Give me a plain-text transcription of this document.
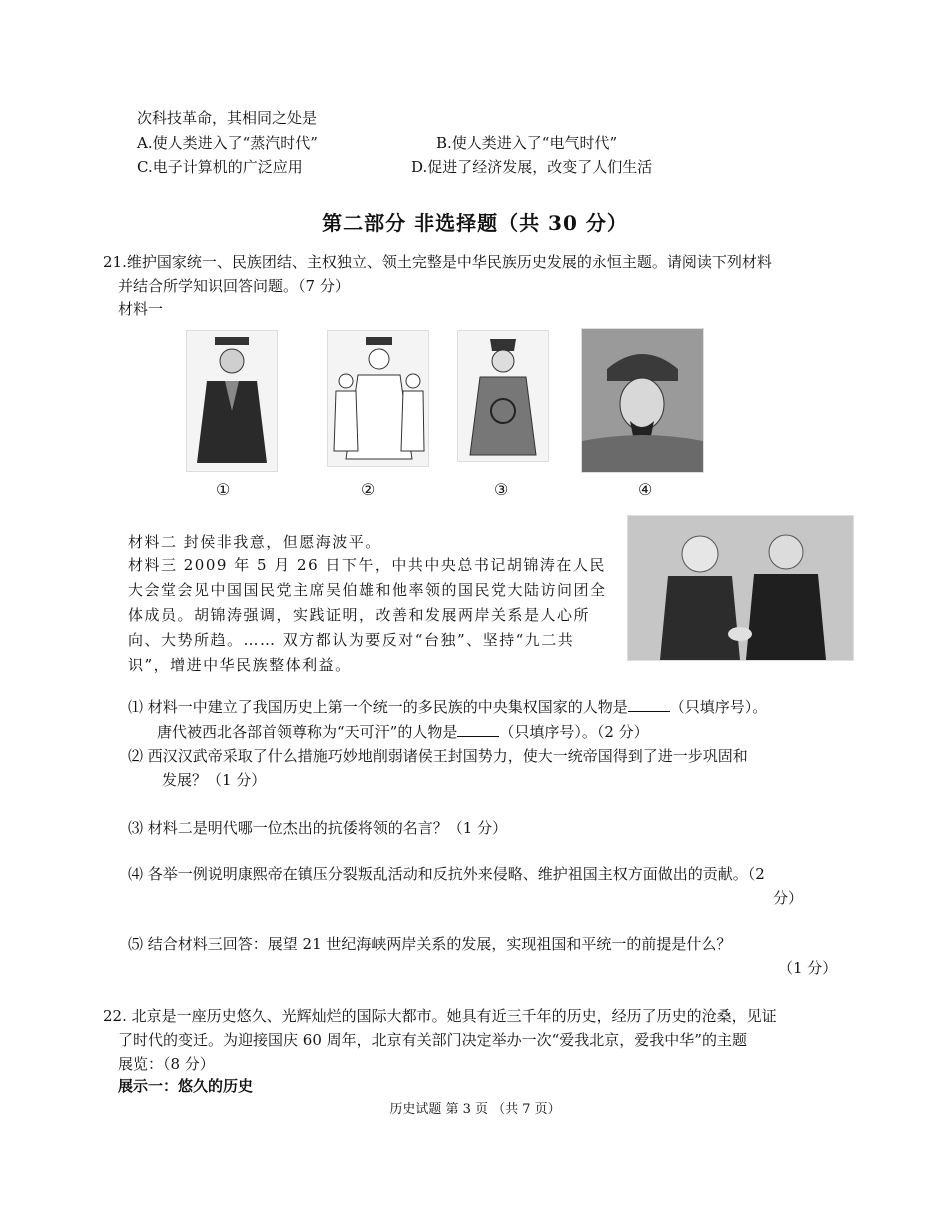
次科技革命，其相同之处是
A.使人类进入了“蒸汽时代”	B.使人类进入了“电气时代”
C.电子计算机的广泛应用	D.促进了经济发展，改变了人们生活
第二部分 非选择题（共 30 分）
21.维护国家统一、民族团结、主权独立、领土完整是中华民族历史发展的永恒主题。请阅读下列材料
并结合所学知识回答问题。（7 分）
材料一
①	②	③	④
材料二 封侯非我意，但愿海波平。
材料三 2009 年 5 月 26 日下午，中共中央总书记胡锦涛在人民大会堂会见中国国民党主席吴伯雄和他率领的国民党大陆访问团全体成员。胡锦涛强调，实践证明，改善和发展两岸关系是人心所向、大势所趋。…… 双方都认为要反对“台独”、坚持“九二共识”，增进中华民族整体利益。
⑴ 材料一中建立了我国历史上第一个统一的多民族的中央集权国家的人物是	（只填序号）。
唐代被西北各部首领尊称为“天可汗”的人物是	（只填序号）。（2 分）
⑵ 西汉汉武帝采取了什么措施巧妙地削弱诸侯王封国势力，使大一统帝国得到了进一步巩固和
发展？（1 分）
⑶ 材料二是明代哪一位杰出的抗倭将领的名言？（1 分）
⑷ 各举一例说明康熙帝在镇压分裂叛乱活动和反抗外来侵略、维护祖国主权方面做出的贡献。（2
分）
⑸ 结合材料三回答：展望 21 世纪海峡两岸关系的发展，实现祖国和平统一的前提是什么？
（1 分）
22. 北京是一座历史悠久、光辉灿烂的国际大都市。她具有近三千年的历史，经历了历史的沧桑，见证
了时代的变迁。为迎接国庆 60 周年，北京有关部门决定举办一次“爱我北京，爱我中华”的主题
展览：（8 分）
展示一：悠久的历史
历史试题 第 3 页 （共 7 页）
